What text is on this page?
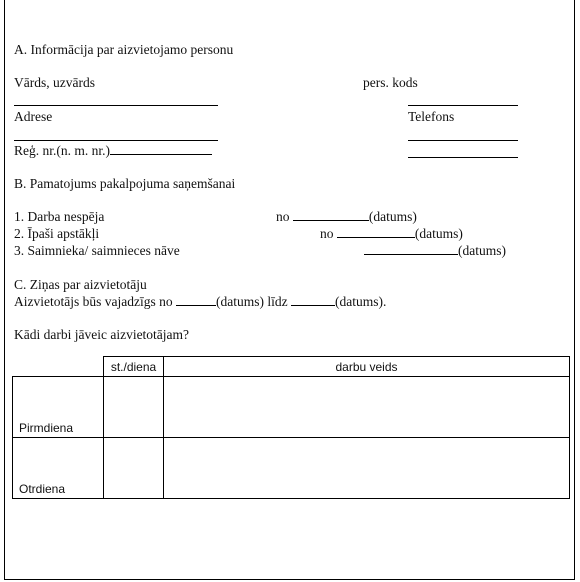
A. Informācija par aizvietojamo personu
Vārds, uzvārds	pers. kods
Adrese	Telefons
Reģ. nr.(n. m. nr.)
B. Pamatojums pakalpojuma saņemšanai
1. Darba nespēja	no	(datums)
2. Īpaši apstākļi	no	(datums)
3. Saimnieka/ saimnieces nāve	(datums)
C. Ziņas par aizvietotāju
Aizvietotājs būs vajadzīgs no	(datums) līdz	(datums).
Kādi darbi jāveic aizvietotājam?
	st./diena	darbu veids
Pirmdiena		
Otrdiena		
